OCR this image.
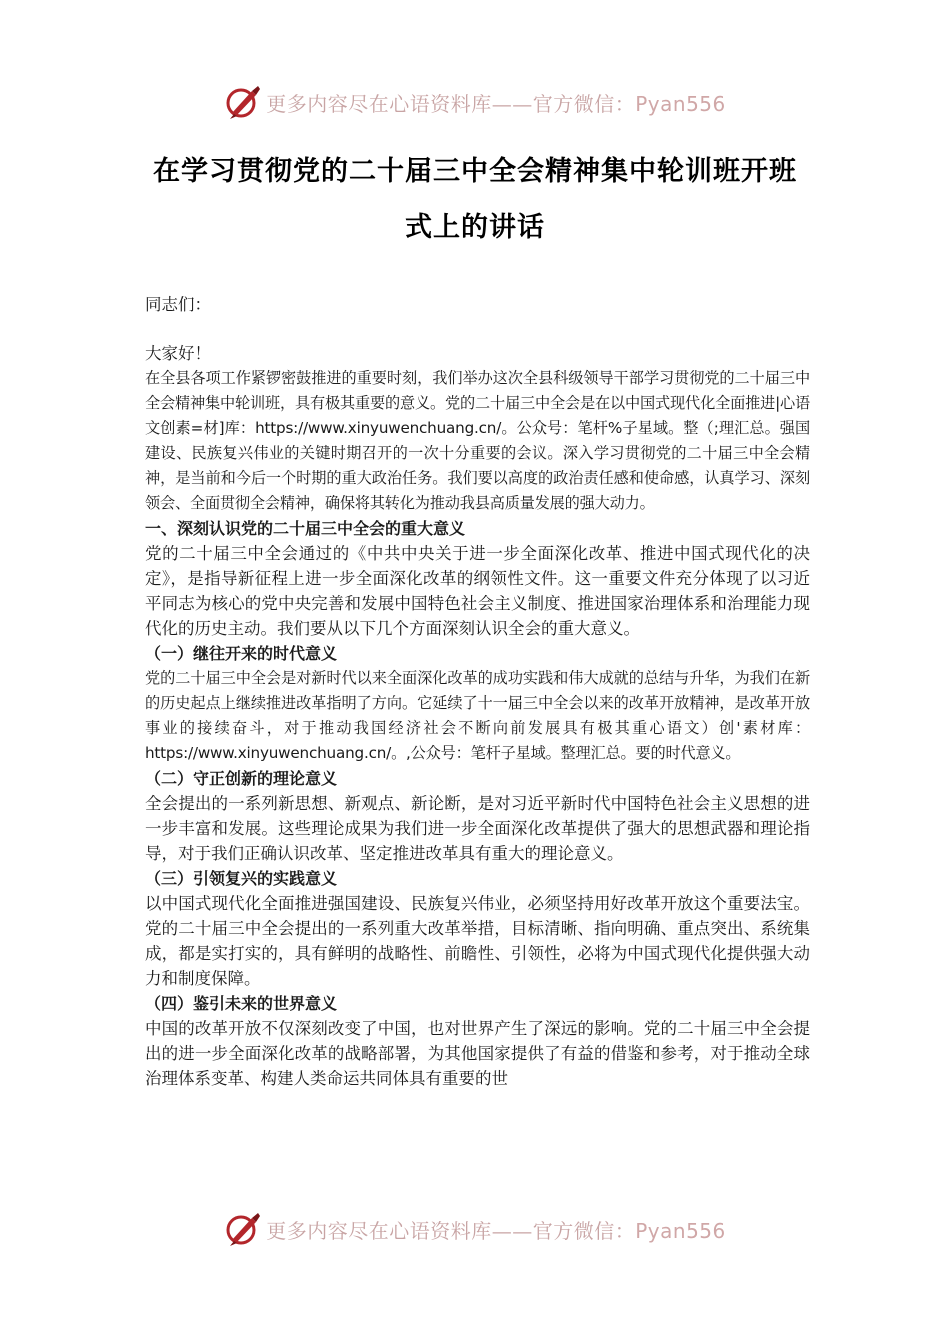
更多内容尽在心语资料库——官方微信：Pyan556
在学习贯彻党的二十届三中全会精神集中轮训班开班
式上的讲话

同志们：

大家好！

在全县各项工作紧锣密鼓推进的重要时刻，我们举办这次全县科级领导干部学习贯彻党的二十届三中全会精神集中轮训班，具有极其重要的意义。党的二十届三中全会是在以中国式现代化全面推进|心语文创素=材]库：https://www.xinyuwenchuang.cn/。公众号：笔杆%子星域。整（;理汇总。强国建设、民族复兴伟业的关键时期召开的一次十分重要的会议。深入学习贯彻党的二十届三中全会精神，是当前和今后一个时期的重大政治任务。我们要以高度的政治责任感和使命感，认真学习、深刻领会、全面贯彻全会精神，确保将其转化为推动我县高质量发展的强大动力。

一、深刻认识党的二十届三中全会的重大意义

党的二十届三中全会通过的《中共中央关于进一步全面深化改革、推进中国式现代化的决定》，是指导新征程上进一步全面深化改革的纲领性文件。这一重要文件充分体现了以习近平同志为核心的党中央完善和发展中国特色社会主义制度、推进国家治理体系和治理能力现代化的历史主动。我们要从以下几个方面深刻认识全会的重大意义。

（一）继往开来的时代意义

党的二十届三中全会是对新时代以来全面深化改革的成功实践和伟大成就的总结与升华，为我们在新的历史起点上继续推进改革指明了方向。它延续了十一届三中全会以来的改革开放精神，是改革开放事业的接续奋斗，对于推动我国经济社会不断向前发展具有极其重心语文）创'素材库：https://www.xinyuwenchuang.cn/。,公众号：笔杆子星域。整理汇总。要的时代意义。

（二）守正创新的理论意义

全会提出的一系列新思想、新观点、新论断，是对习近平新时代中国特色社会主义思想的进一步丰富和发展。这些理论成果为我们进一步全面深化改革提供了强大的思想武器和理论指导，对于我们正确认识改革、坚定推进改革具有重大的理论意义。

（三）引领复兴的实践意义

以中国式现代化全面推进强国建设、民族复兴伟业，必须坚持用好改革开放这个重要法宝。党的二十届三中全会提出的一系列重大改革举措，目标清晰、指向明确、重点突出、系统集成，都是实打实的，具有鲜明的战略性、前瞻性、引领性，必将为中国式现代化提供强大动力和制度保障。

（四）鉴引未来的世界意义

中国的改革开放不仅深刻改变了中国，也对世界产生了深远的影响。党的二十届三中全会提出的进一步全面深化改革的战略部署，为其他国家提供了有益的借鉴和参考，对于推动全球治理体系变革、构建人类命运共同体具有重要的世

更多内容尽在心语资料库——官方微信：Pyan556
